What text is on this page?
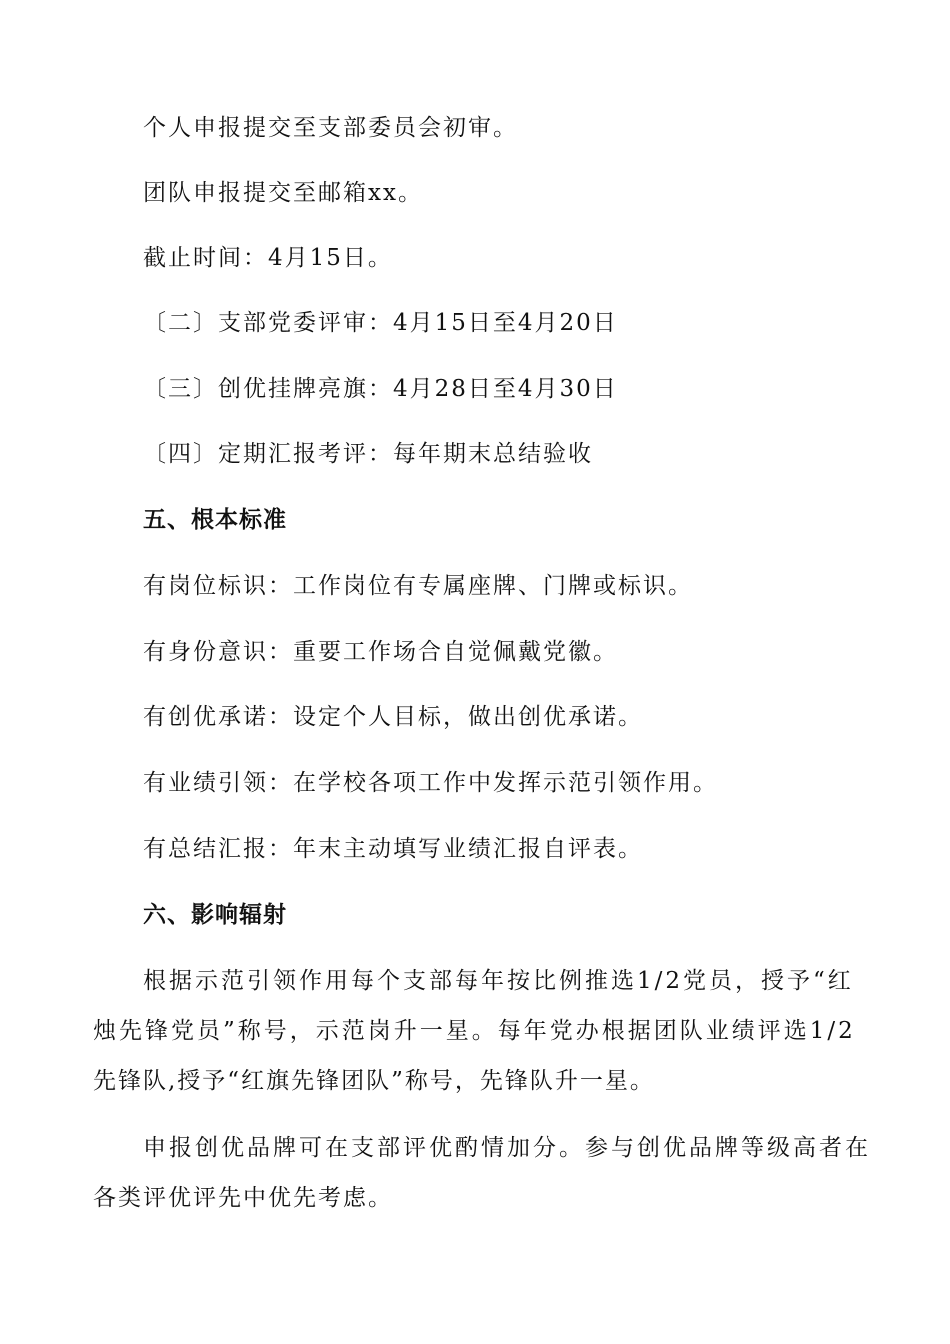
个人申报提交至支部委员会初审。
团队申报提交至邮箱xx。
截止时间：4月15日。
〔二〕支部党委评审：4月15日至4月20日
〔三〕创优挂牌亮旗：4月28日至4月30日
〔四〕定期汇报考评：每年期末总结验收
五、根本标准
有岗位标识：工作岗位有专属座牌、门牌或标识。
有身份意识：重要工作场合自觉佩戴党徽。
有创优承诺：设定个人目标，做出创优承诺。
有业绩引领：在学校各项工作中发挥示范引领作用。
有总结汇报：年末主动填写业绩汇报自评表。
六、影响辐射
根据示范引领作用每个支部每年按比例推选1/2党员，授予“红
烛先锋党员”称号，示范岗升一星。每年党办根据团队业绩评选1/2
先锋队,授予“红旗先锋团队”称号，先锋队升一星。
申报创优品牌可在支部评优酌情加分。参与创优品牌等级高者在
各类评优评先中优先考虑。
